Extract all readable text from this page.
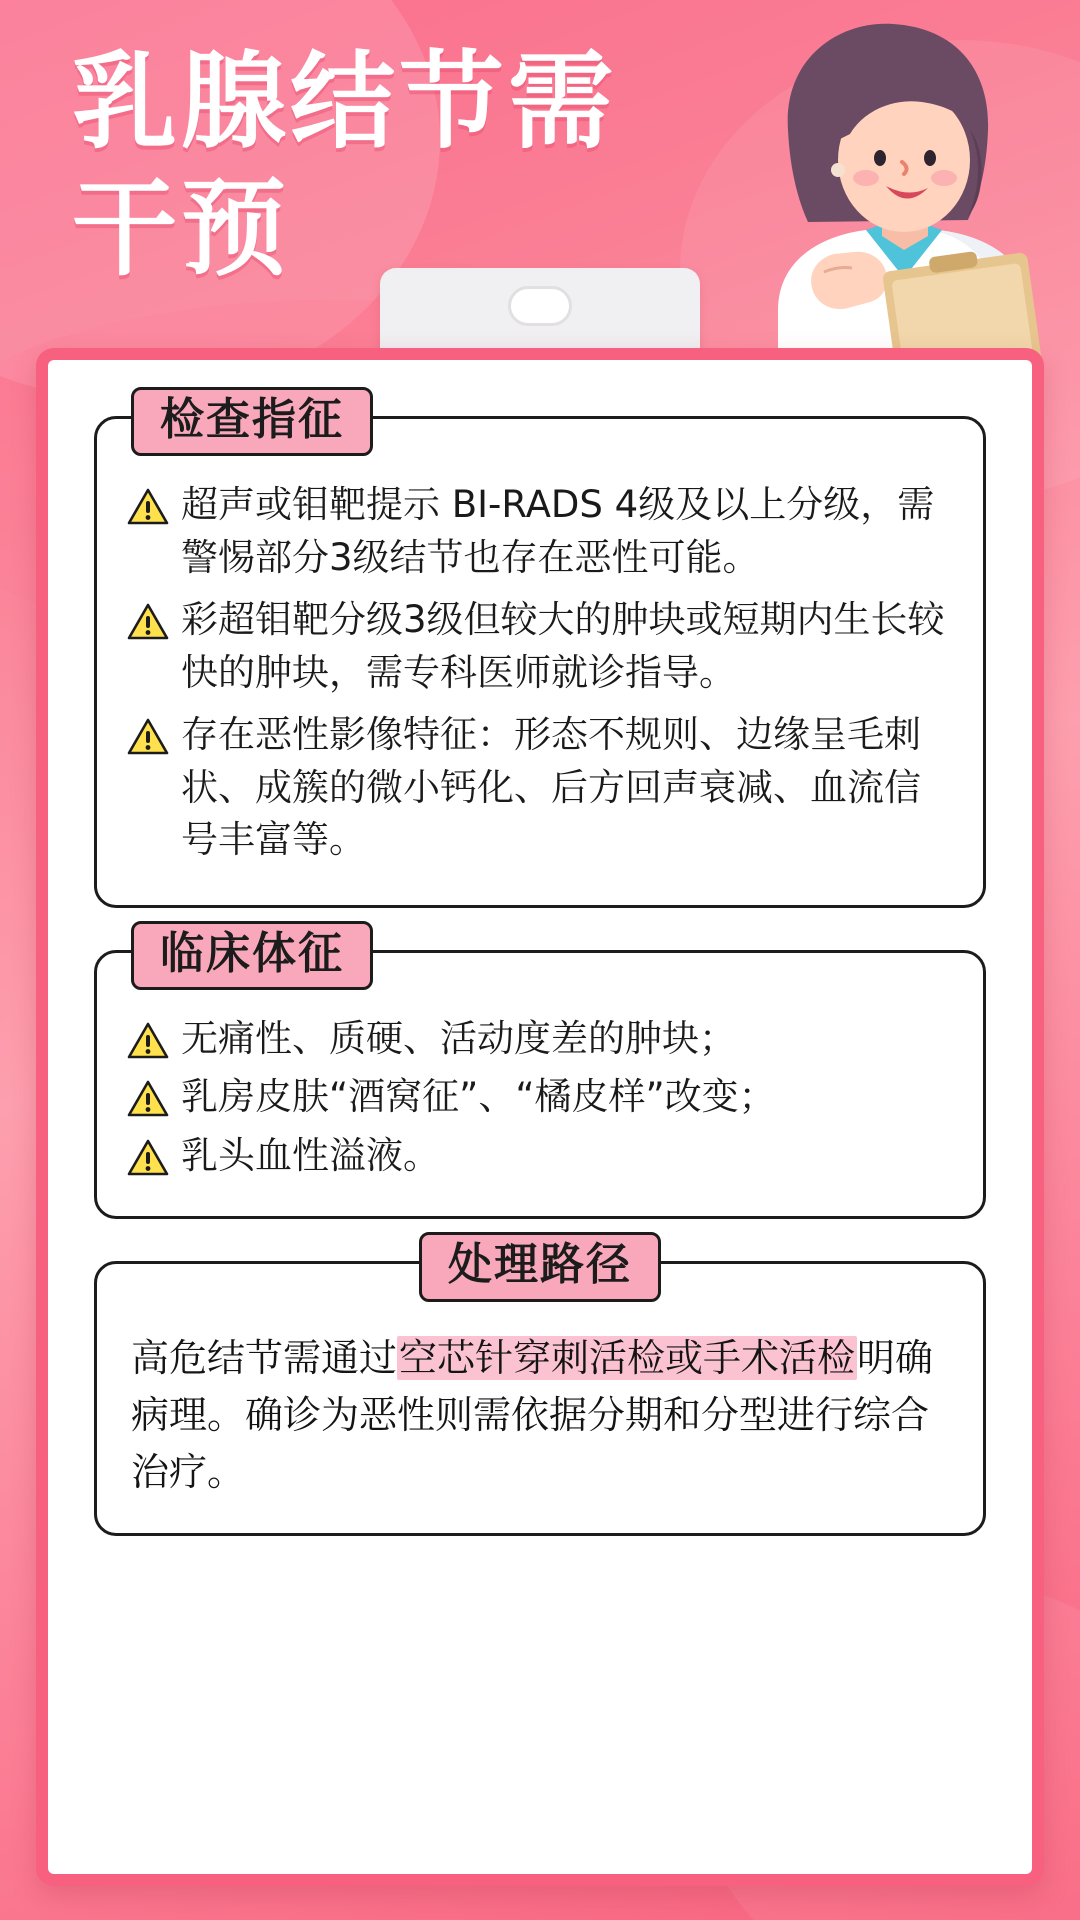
乳腺结节需
干预
检查指征
超声或钼靶提示 BI-RADS 4级及以上分级，需警惕部分3级结节也存在恶性可能。
彩超钼靶分级3级但较大的肿块或短期内生长较快的肿块，需专科医师就诊指导。
存在恶性影像特征：形态不规则、边缘呈毛刺状、成簇的微小钙化、后方回声衰减、血流信号丰富等。
临床体征
无痛性、质硬、活动度差的肿块；
乳房皮肤“酒窝征”、“橘皮样”改变；
乳头血性溢液。
处理路径

高危结节需通过空芯针穿刺活检或手术活检明确病理。确诊为恶性则需依据分期和分型进行综合治疗。
